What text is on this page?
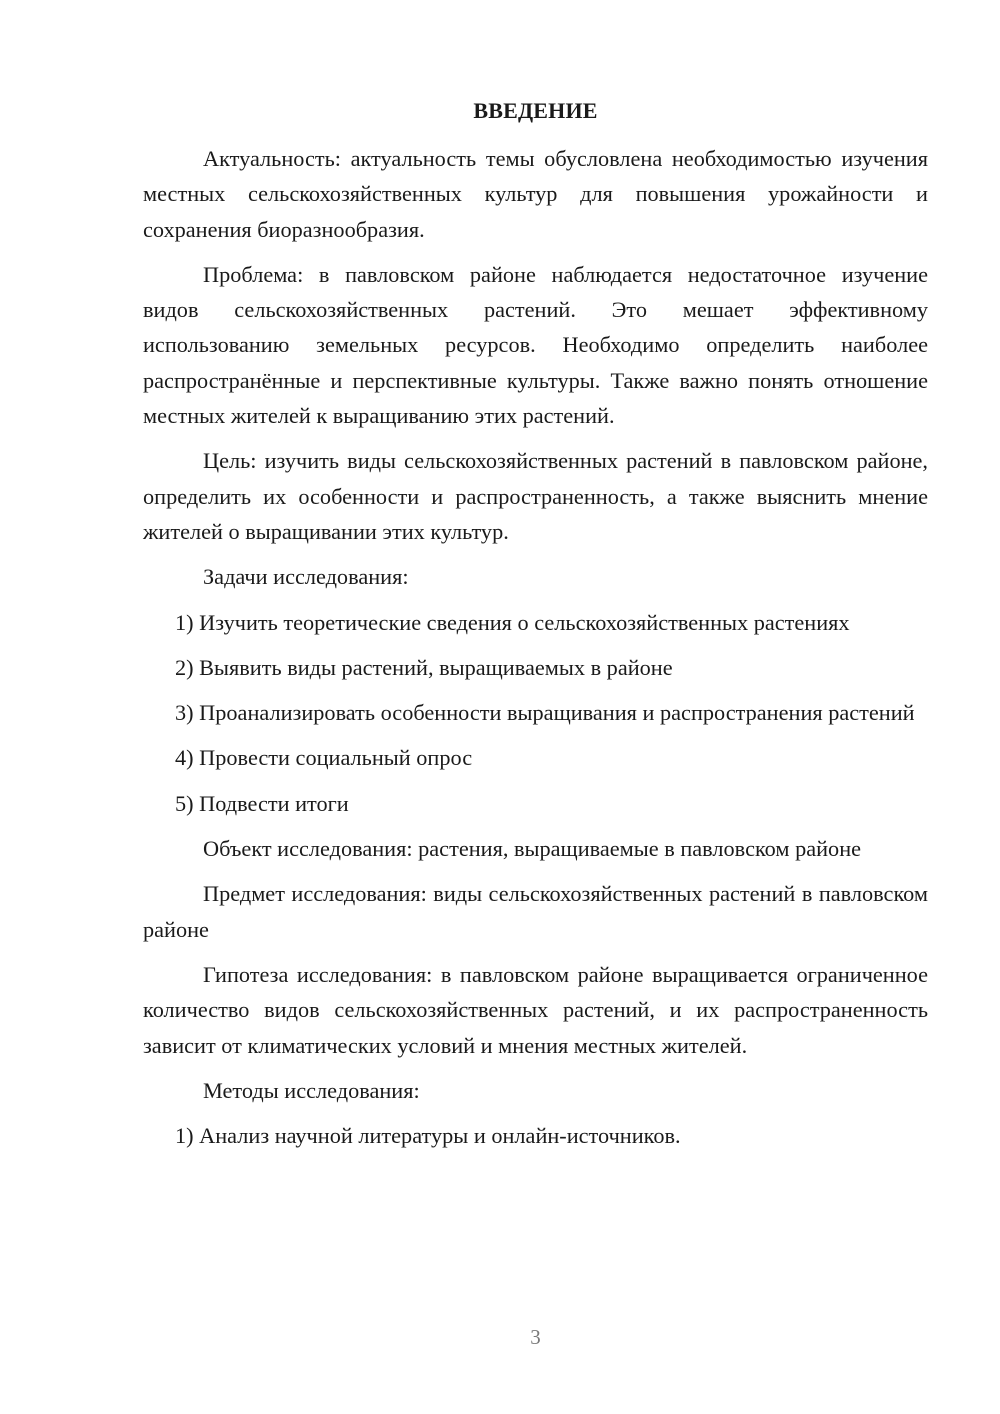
ВВЕДЕНИЕ

Актуальность: актуальность темы обусловлена необходимостью изучения местных сельскохозяйственных культур для повышения урожайности и сохранения биоразнообразия.

Проблема: в павловском районе наблюдается недостаточное изучение видов сельскохозяйственных растений. Это мешает эффективному использованию земельных ресурсов. Необходимо определить наиболее распространённые и перспективные культуры. Также важно понять отношение местных жителей к выращиванию этих растений.

Цель: изучить виды сельскохозяйственных растений в павловском районе, определить их особенности и распространенность, а также выяснить мнение жителей о выращивании этих культур.

Задачи исследования:

1) Изучить теоретические сведения о сельскохозяйственных растениях

2) Выявить виды растений, выращиваемых в районе

3) Проанализировать особенности выращивания и распространения растений

4) Провести социальный опрос

5) Подвести итоги

Объект исследования: растения, выращиваемые в павловском районе

Предмет исследования: виды сельскохозяйственных растений в павловском районе

Гипотеза исследования: в павловском районе выращивается ограниченное количество видов сельскохозяйственных растений, и их распространенность зависит от климатических условий и мнения местных жителей.

Методы исследования:

1) Анализ научной литературы и онлайн-источников.

3
